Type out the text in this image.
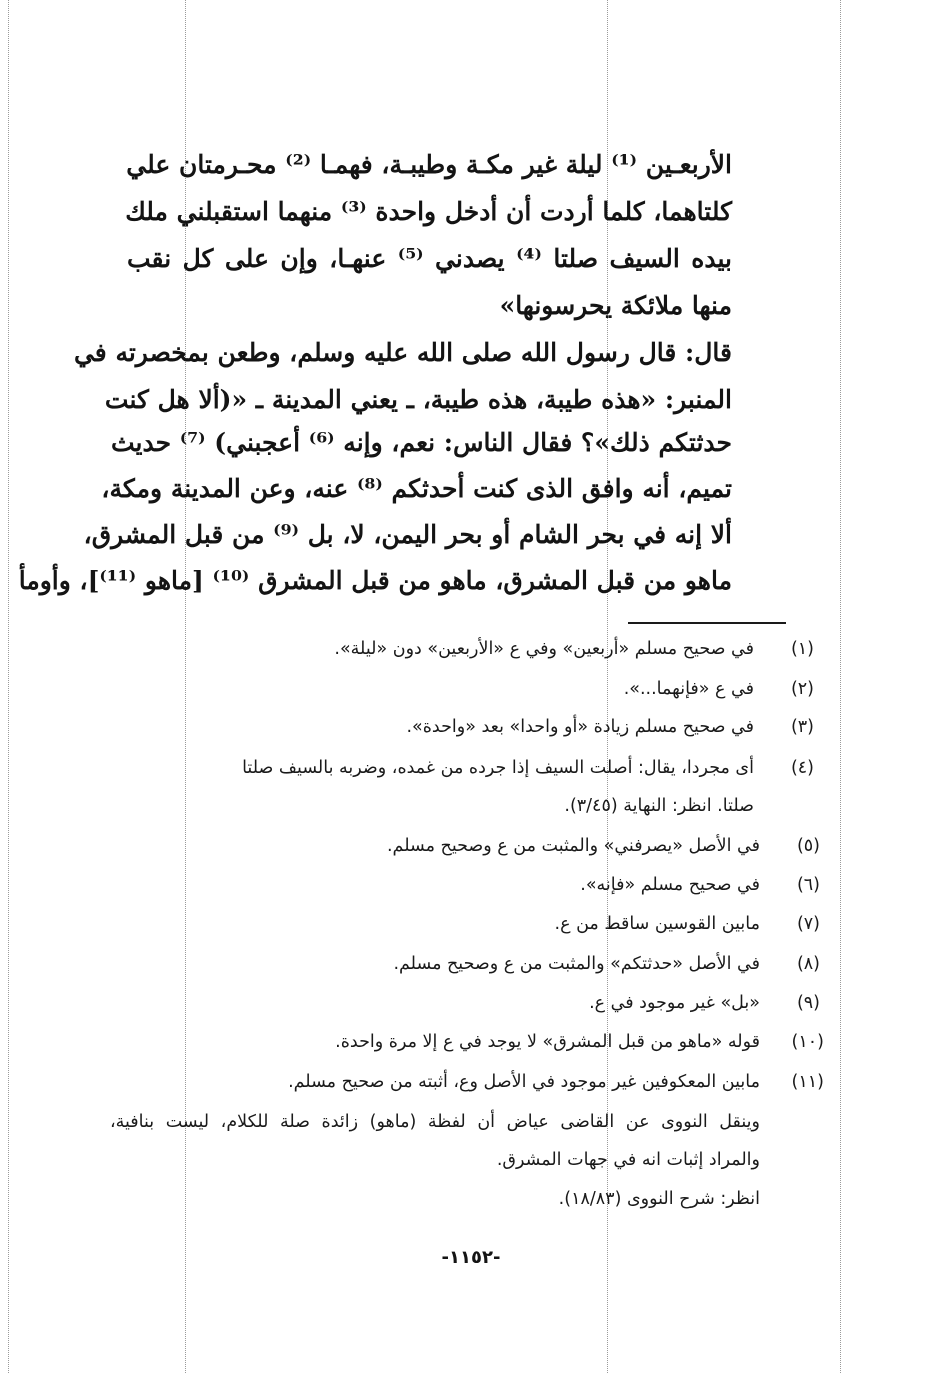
الأربعـين ⁽¹⁾ ليلة غير مكـة وطيبـة، فهمـا ⁽²⁾ محـرمتان علي
كلتاهما، كلما أردت أن أدخل واحدة ⁽³⁾ منهما استقبلني ملك
بيده السيف صلتا ⁽⁴⁾ يصدني ⁽⁵⁾ عنهـا، وإن على كل نقب
منها ملائكة يحرسونها»
قال: قال رسول الله صلى الله عليه وسلم، وطعن بمخصرته في
المنبر: «هذه طيبة، هذه طيبة، ـ يعني المدينة ـ «(ألا هل كنت
حدثتكم ذلك»؟ فقال الناس: نعم، وإنه ⁽⁶⁾ أعجبني) ⁽⁷⁾ حديث
تميم، أنه وافق الذى كنت أحدثكم ⁽⁸⁾ عنه، وعن المدينة ومكة،
ألا إنه في بحر الشام أو بحر اليمن، لا، بل ⁽⁹⁾ من قبل المشرق،
ماهو من قبل المشرق، ماهو من قبل المشرق ⁽¹⁰⁾ [ماهو ⁽¹¹⁾]، وأومأ
(١)في صحيح مسلم «أربعين» وفي ع «الأربعين» دون «ليلة».
(٢)في ع «فإنهما...».
(٣)في صحيح مسلم زيادة «أو واحدا» بعد «واحدة».
(٤)أى مجردا، يقال: أصلت السيف إذا جرده من غمده، وضربه بالسيف صلتا
صلتا. انظر: النهاية (٣/٤٥).
(٥)في الأصل «يصرفني» والمثبت من ع وصحيح مسلم.
(٦)في صحيح مسلم «فإنه».
(٧)مابين القوسين ساقط من ع.
(٨)في الأصل «حدثتكم» والمثبت من ع وصحيح مسلم.
(٩)«بل» غير موجود في ع.
(١٠)قوله «ماهو من قبل المشرق» لا يوجد في ع إلا مرة واحدة.
(١١)مابين المعكوفين غير موجود في الأصل وع، أثبته من صحيح مسلم.
وينقل النووى عن القاضى عياض أن لفظة (ماهو) زائدة صلة للكلام، ليست بنافية،
والمراد إثبات انه في جهات المشرق.
انظر: شرح النووى (١٨/٨٣).
-١١٥٢-
